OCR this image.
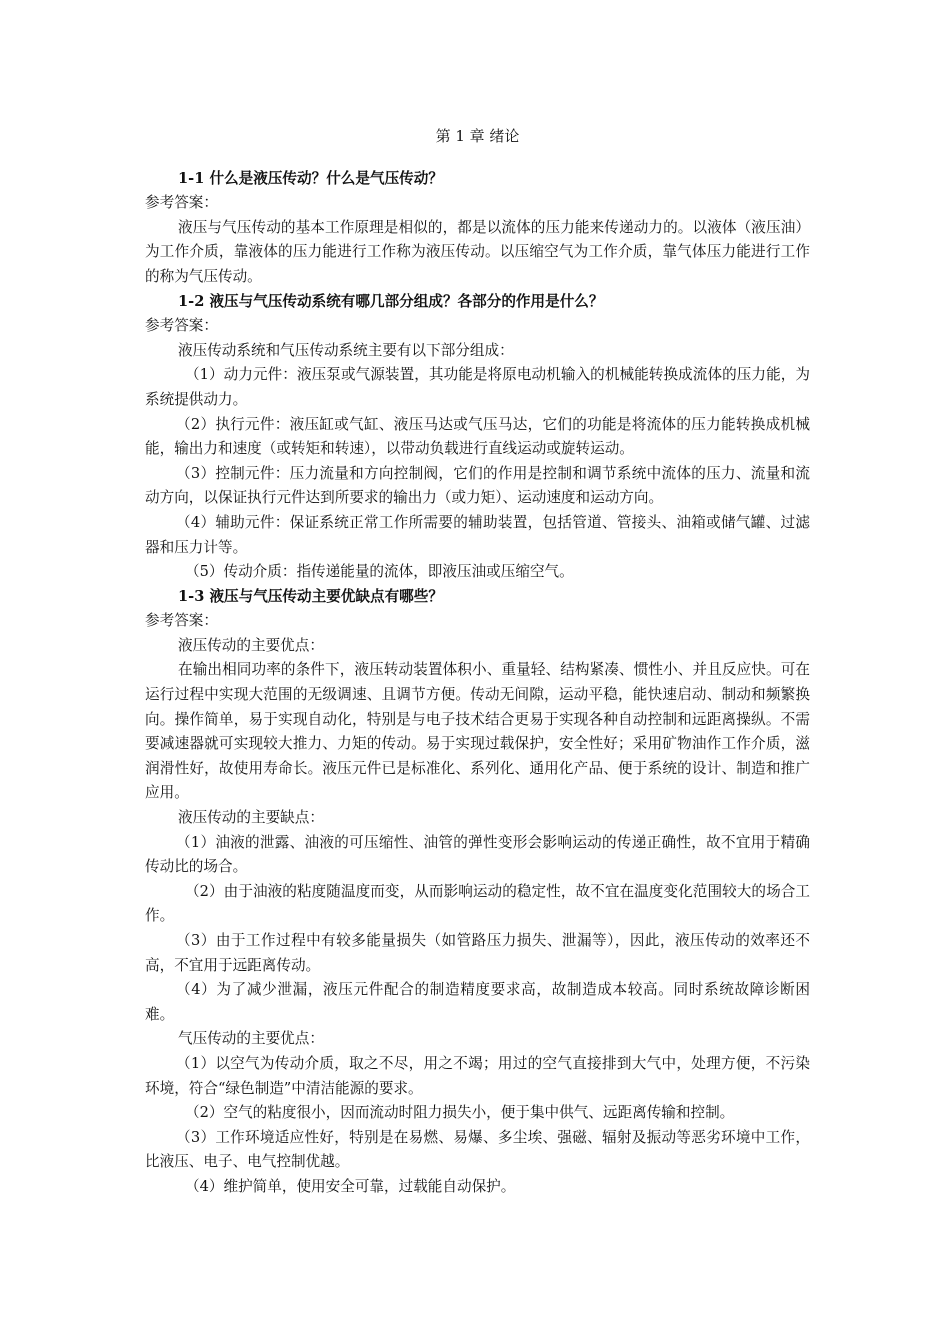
第 1 章 绪论

1-1 什么是液压传动？什么是气压传动？

参考答案：

液压与气压传动的基本工作原理是相似的，都是以流体的压力能来传递动力的。以液体（液压油）为工作介质，靠液体的压力能进行工作称为液压传动。以压缩空气为工作介质，靠气体压力能进行工作的称为气压传动。

1-2 液压与气压传动系统有哪几部分组成？各部分的作用是什么？

参考答案：

液压传动系统和气压传动系统主要有以下部分组成：

（1）动力元件：液压泵或气源装置，其功能是将原电动机输入的机械能转换成流体的压力能，为系统提供动力。

（2）执行元件：液压缸或气缸、液压马达或气压马达，它们的功能是将流体的压力能转换成机械能，输出力和速度（或转矩和转速），以带动负载进行直线运动或旋转运动。

（3）控制元件：压力流量和方向控制阀，它们的作用是控制和调节系统中流体的压力、流量和流动方向，以保证执行元件达到所要求的输出力（或力矩）、运动速度和运动方向。

（4）辅助元件：保证系统正常工作所需要的辅助装置，包括管道、管接头、油箱或储气罐、过滤器和压力计等。

（5）传动介质：指传递能量的流体，即液压油或压缩空气。

1-3 液压与气压传动主要优缺点有哪些？

参考答案：

液压传动的主要优点：

在输出相同功率的条件下，液压转动装置体积小、重量轻、结构紧凑、惯性小、并且反应快。可在运行过程中实现大范围的无级调速、且调节方便。传动无间隙，运动平稳，能快速启动、制动和频繁换向。操作简单，易于实现自动化，特别是与电子技术结合更易于实现各种自动控制和远距离操纵。不需要减速器就可实现较大推力、力矩的传动。易于实现过载保护，安全性好；采用矿物油作工作介质，滋润滑性好，故使用寿命长。液压元件已是标准化、系列化、通用化产品、便于系统的设计、制造和推广应用。

液压传动的主要缺点：

（1）油液的泄露、油液的可压缩性、油管的弹性变形会影响运动的传递正确性，故不宜用于精确传动比的场合。

（2）由于油液的粘度随温度而变，从而影响运动的稳定性，故不宜在温度变化范围较大的场合工作。

（3）由于工作过程中有较多能量损失（如管路压力损失、泄漏等），因此，液压传动的效率还不高，不宜用于远距离传动。

（4）为了减少泄漏，液压元件配合的制造精度要求高，故制造成本较高。同时系统故障诊断困难。

气压传动的主要优点：

（1）以空气为传动介质，取之不尽，用之不竭；用过的空气直接排到大气中，处理方便，不污染环境，符合“绿色制造”中清洁能源的要求。

（2）空气的粘度很小，因而流动时阻力损失小，便于集中供气、远距离传输和控制。

（3）工作环境适应性好，特别是在易燃、易爆、多尘埃、强磁、辐射及振动等恶劣环境中工作，比液压、电子、电气控制优越。

（4）维护简单，使用安全可靠，过载能自动保护。
